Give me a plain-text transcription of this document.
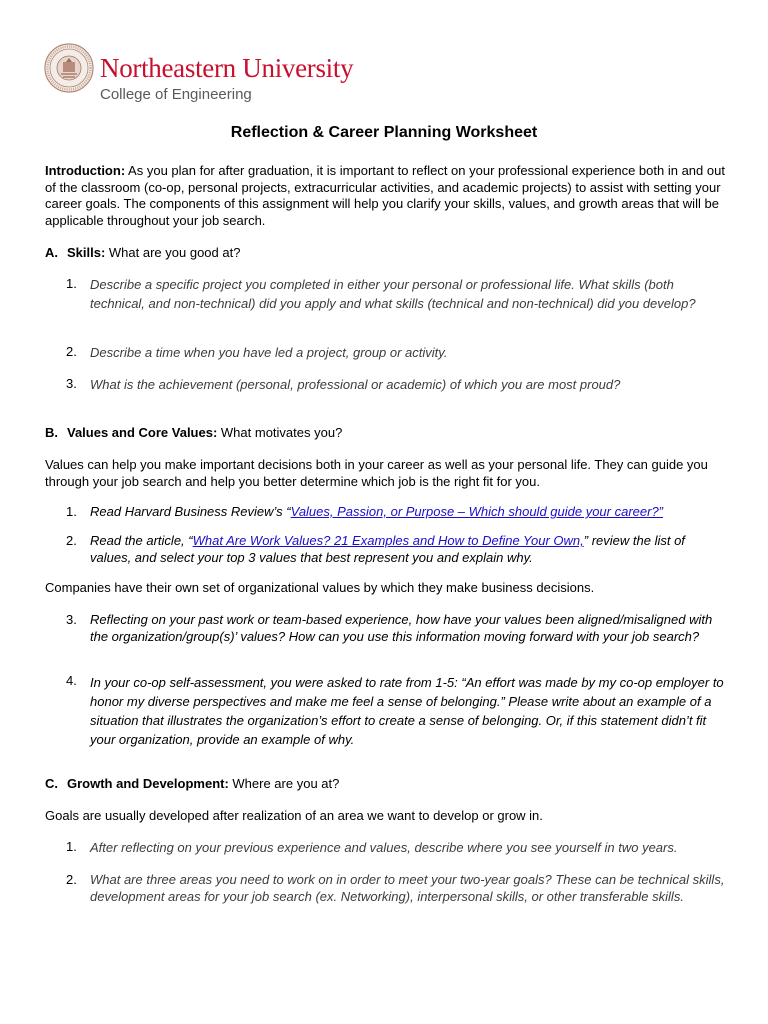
Northeastern University
College of Engineering
Reflection & Career Planning Worksheet
Introduction: As you plan for after graduation, it is important to reflect on your professional experience both in and out of the classroom (co-op, personal projects, extracurricular activities, and academic projects) to assist with setting your career goals. The components of this assignment will help you clarify your skills, values, and growth areas that will be applicable throughout your job search.
A. Skills: What are you good at?
1. Describe a specific project you completed in either your personal or professional life. What skills (both technical, and non-technical) did you apply and what skills (technical and non-technical) did you develop?
2. Describe a time when you have led a project, group or activity.
3. What is the achievement (personal, professional or academic) of which you are most proud?
B. Values and Core Values: What motivates you?
Values can help you make important decisions both in your career as well as your personal life. They can guide you through your job search and help you better determine which job is the right fit for you.
1. Read Harvard Business Review’s “Values, Passion, or Purpose – Which should guide your career?”
2. Read the article, “What Are Work Values? 21 Examples and How to Define Your Own,” review the list of values, and select your top 3 values that best represent you and explain why.
Companies have their own set of organizational values by which they make business decisions.
3. Reflecting on your past work or team-based experience, how have your values been aligned/misaligned with the organization/group(s)’ values? How can you use this information moving forward with your job search?
4. In your co-op self-assessment, you were asked to rate from 1-5: “An effort was made by my co-op employer to honor my diverse perspectives and make me feel a sense of belonging.” Please write about an example of a situation that illustrates the organization’s effort to create a sense of belonging. Or, if this statement didn’t fit your organization, provide an example of why.
C. Growth and Development: Where are you at?
Goals are usually developed after realization of an area we want to develop or grow in.
1. After reflecting on your previous experience and values, describe where you see yourself in two years.
2. What are three areas you need to work on in order to meet your two-year goals? These can be technical skills, development areas for your job search (ex. Networking), interpersonal skills, or other transferable skills.
